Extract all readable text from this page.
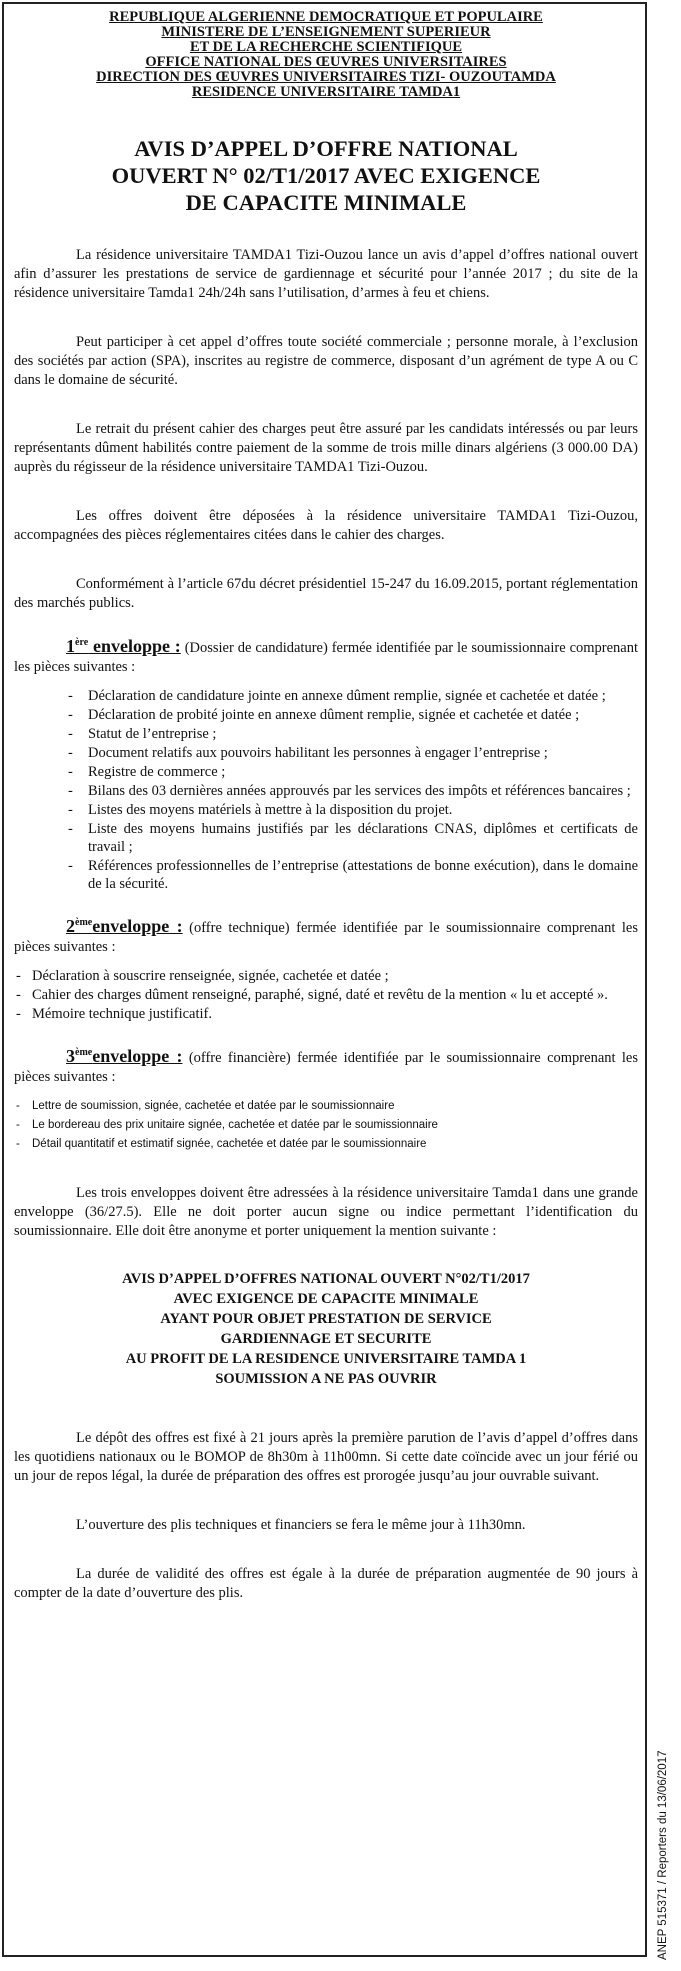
REPUBLIQUE ALGERIENNE DEMOCRATIQUE ET POPULAIRE
MINISTERE DE L’ENSEIGNEMENT SUPERIEUR
ET DE LA RECHERCHE SCIENTIFIQUE
OFFICE NATIONAL DES ŒUVRES UNIVERSITAIRES
DIRECTION DES ŒUVRES UNIVERSITAIRES TIZI- OUZOUTAMDA
RESIDENCE UNIVERSITAIRE TAMDA1
AVIS D’APPEL D’OFFRE NATIONAL
OUVERT N° 02/T1/2017 AVEC EXIGENCE
DE CAPACITE MINIMALE

La résidence universitaire TAMDA1 Tizi-Ouzou lance un avis d’appel d’offres national ouvert afin d’assurer les prestations de service de gardiennage et sécurité pour l’année 2017 ; du site de la résidence universitaire Tamda1 24h/24h sans l’utilisation, d’armes à feu et chiens.

Peut participer à cet appel d’offres toute société commerciale ; personne morale, à l’exclusion des sociétés par action (SPA), inscrites au registre de commerce, disposant d’un agrément de type A ou C dans le domaine de sécurité.

Le retrait du présent cahier des charges peut être assuré par les candidats intéressés ou par leurs représentants dûment habilités contre paiement de la somme de trois mille dinars algériens (3 000.00 DA) auprès du régisseur de la résidence universitaire TAMDA1 Tizi-Ouzou.

Les offres doivent être déposées à la résidence universitaire TAMDA1 Tizi-Ouzou, accompagnées des pièces réglementaires citées dans le cahier des charges.

Conformément à l’article 67du décret présidentiel 15-247 du 16.09.2015, portant réglementation des marchés publics.

1ère enveloppe : (Dossier de candidature) fermée identifiée par le soumissionnaire comprenant les pièces suivantes :
- Déclaration de candidature jointe en annexe dûment remplie, signée et cachetée et datée ;
- Déclaration de probité jointe en annexe dûment remplie, signée et cachetée et datée ;
- Statut de l’entreprise ;
- Document relatifs aux pouvoirs habilitant les personnes à engager l’entreprise ;
- Registre de commerce ;
- Bilans des 03 dernières années approuvés par les services des impôts et références bancaires ;
- Listes des moyens matériels à mettre à la disposition du projet.
- Liste des moyens humains justifiés par les déclarations CNAS, diplômes et certificats de travail ;
- Références professionnelles de l’entreprise (attestations de bonne exécution), dans le domaine de la sécurité.
2èmeenveloppe : (offre technique) fermée identifiée par le soumissionnaire comprenant les pièces suivantes :
- Déclaration à souscrire renseignée, signée, cachetée et datée ;
- Cahier des charges dûment renseigné, paraphé, signé, daté et revêtu de la mention « lu et accepté ».
- Mémoire technique justificatif.
3èmeenveloppe : (offre financière) fermée identifiée par le soumissionnaire comprenant les pièces suivantes :
- Lettre de soumission, signée, cachetée et datée par le soumissionnaire
- Le bordereau des prix unitaire signée, cachetée et datée par le soumissionnaire
- Détail quantitatif et estimatif signée, cachetée et datée par le soumissionnaire

Les trois enveloppes doivent être adressées à la résidence universitaire Tamda1 dans une grande enveloppe (36/27.5). Elle ne doit porter aucun signe ou indice permettant l’identification du soumissionnaire. Elle doit être anonyme et porter uniquement la mention suivante :

AVIS D’APPEL D’OFFRES NATIONAL OUVERT N°02/T1/2017
AVEC EXIGENCE DE CAPACITE MINIMALE
AYANT POUR OBJET PRESTATION DE SERVICE
GARDIENNAGE ET SECURITE
AU PROFIT DE LA RESIDENCE UNIVERSITAIRE TAMDA 1
SOUMISSION A NE PAS OUVRIR

Le dépôt des offres est fixé à 21 jours après la première parution de l’avis d’appel d’offres dans les quotidiens nationaux ou le BOMOP de 8h30m à 11h00mn. Si cette date coïncide avec un jour férié ou un jour de repos légal, la durée de préparation des offres est prorogée jusqu’au jour ouvrable suivant.

L’ouverture des plis techniques et financiers se fera le même jour à 11h30mn.

La durée de validité des offres est égale à la durée de préparation augmentée de 90 jours à compter de la date d’ouverture des plis.

ANEP 515371 / Reporters du 13/06/2017
